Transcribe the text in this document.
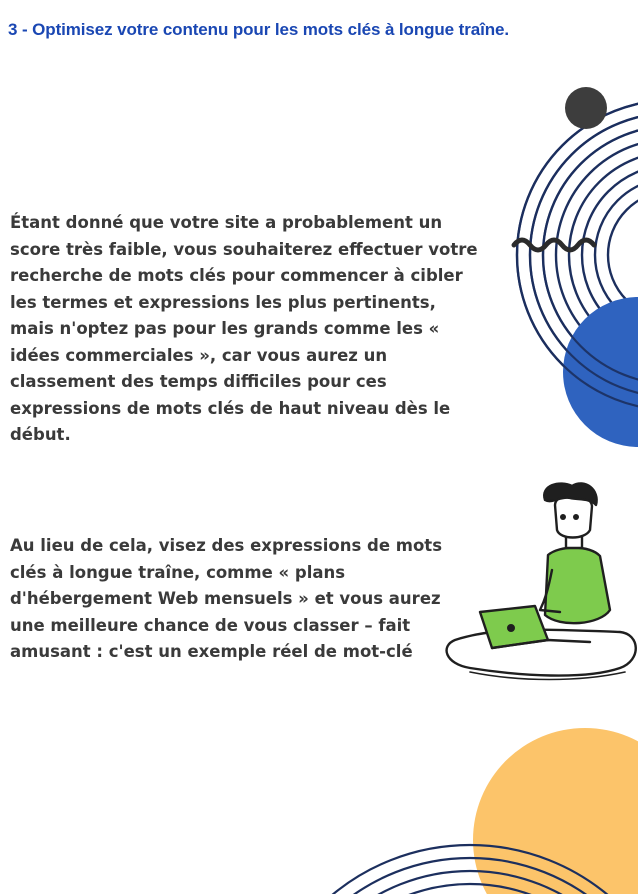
3 - Optimisez votre contenu pour les mots clés à longue traîne.

Étant donné que votre site a probablement un score très faible, vous souhaiterez effectuer votre recherche de mots clés pour commencer à cibler les termes et expressions les plus pertinents, mais n'optez pas pour les grands comme les « idées commerciales », car vous aurez un classement des temps difficiles pour ces expressions de mots clés de haut niveau dès le début.

Au lieu de cela, visez des expressions de mots clés à longue traîne, comme « plans d'hébergement Web mensuels » et vous aurez une meilleure chance de vous classer – fait amusant : c'est un exemple réel de mot-clé
